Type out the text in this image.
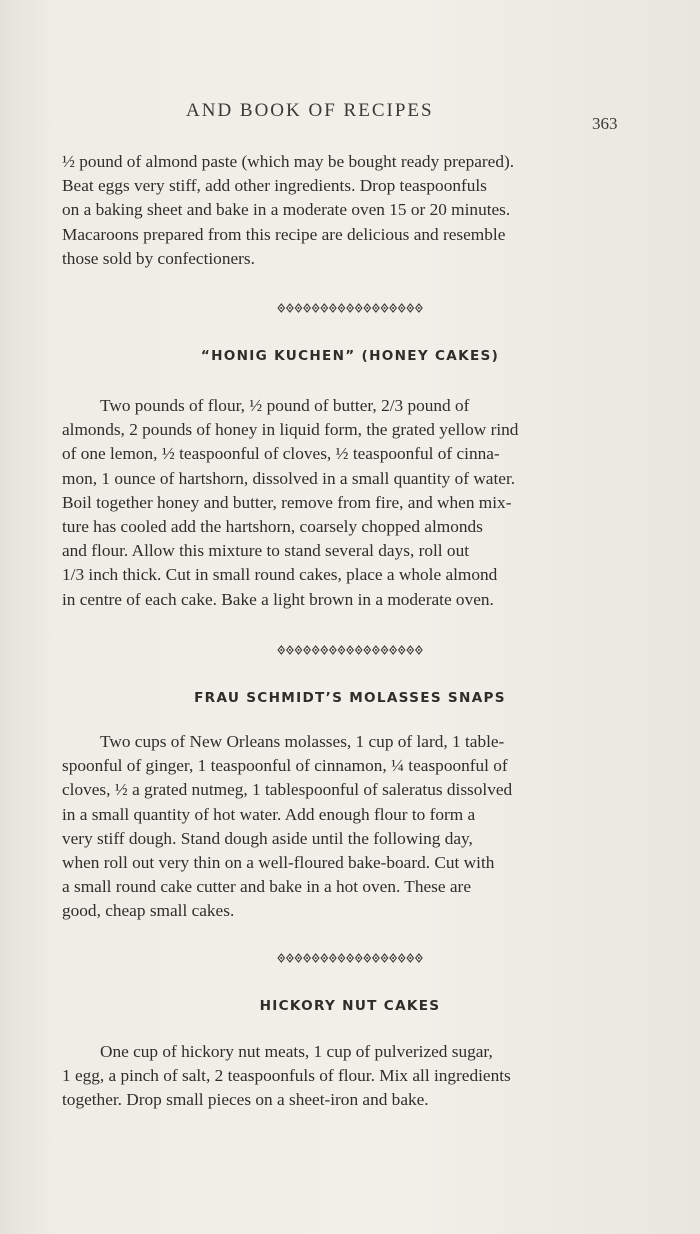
AND BOOK OF RECIPES
363

½ pound of almond paste (which may be bought ready prepared).

Beat eggs very stiff, add other ingredients. Drop teaspoonfuls

on a baking sheet and bake in a moderate oven 15 or 20 minutes.

Macaroons prepared from this recipe are delicious and resemble

those sold by confectioners.

“HONIG KUCHEN” (HONEY CAKES)

Two pounds of flour, ½ pound of butter, 2/3 pound of

almonds, 2 pounds of honey in liquid form, the grated yellow rind

of one lemon, ½ teaspoonful of cloves, ½ teaspoonful of cinna-

mon, 1 ounce of hartshorn, dissolved in a small quantity of water.

Boil together honey and butter, remove from fire, and when mix-

ture has cooled add the hartshorn, coarsely chopped almonds

and flour. Allow this mixture to stand several days, roll out

1/3 inch thick. Cut in small round cakes, place a whole almond

in centre of each cake. Bake a light brown in a moderate oven.

FRAU SCHMIDT’S MOLASSES SNAPS

Two cups of New Orleans molasses, 1 cup of lard, 1 table-

spoonful of ginger, 1 teaspoonful of cinnamon, ¼ teaspoonful of

cloves, ½ a grated nutmeg, 1 tablespoonful of saleratus dissolved

in a small quantity of hot water. Add enough flour to form a

very stiff dough. Stand dough aside until the following day,

when roll out very thin on a well-floured bake-board. Cut with

a small round cake cutter and bake in a hot oven. These are

good, cheap small cakes.

HICKORY NUT CAKES

One cup of hickory nut meats, 1 cup of pulverized sugar,

1 egg, a pinch of salt, 2 teaspoonfuls of flour. Mix all ingredients

together. Drop small pieces on a sheet-iron and bake.
